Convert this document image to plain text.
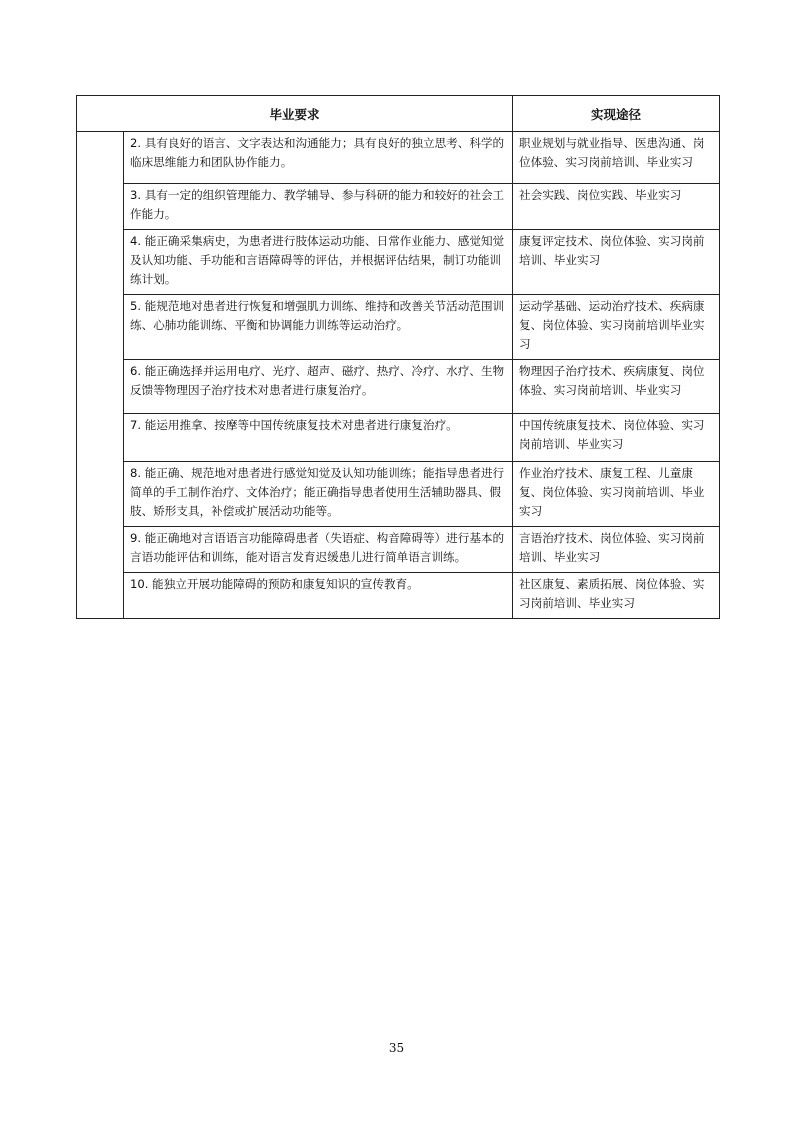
毕业要求		实现途径
	2. 具有良好的语言、文字表达和沟通能力；具有良好的独立思考、科学的临床思维能力和团队协作能力。	职业规划与就业指导、医患沟通、岗位体验、实习岗前培训、毕业实习
	3. 具有一定的组织管理能力、教学辅导、参与科研的能力和较好的社会工作能力。	社会实践、岗位实践、毕业实习
	4. 能正确采集病史，为患者进行肢体运动功能、日常作业能力、感觉知觉及认知功能、手功能和言语障碍等的评估，并根据评估结果，制订功能训练计划。	康复评定技术、岗位体验、实习岗前培训、毕业实习
	5. 能规范地对患者进行恢复和增强肌力训练、维持和改善关节活动范围训练、心肺功能训练、平衡和协调能力训练等运动治疗。	运动学基础、运动治疗技术、疾病康复、岗位体验、实习岗前培训毕业实习
	6. 能正确选择并运用电疗、光疗、超声、磁疗、热疗、冷疗、水疗、生物反馈等物理因子治疗技术对患者进行康复治疗。	物理因子治疗技术、疾病康复、岗位体验、实习岗前培训、毕业实习
	7. 能运用推拿、按摩等中国传统康复技术对患者进行康复治疗。	中国传统康复技术、岗位体验、实习岗前培训、毕业实习
	8. 能正确、规范地对患者进行感觉知觉及认知功能训练；能指导患者进行简单的手工制作治疗、文体治疗；能正确指导患者使用生活辅助器具、假肢、矫形支具，补偿或扩展活动功能等。	作业治疗技术、康复工程、儿童康复、岗位体验、实习岗前培训、毕业实习
	9. 能正确地对言语语言功能障碍患者（失语症、构音障碍等）进行基本的言语功能评估和训练，能对语言发育迟缓患儿进行简单语言训练。	言语治疗技术、岗位体验、实习岗前培训、毕业实习
	10. 能独立开展功能障碍的预防和康复知识的宣传教育。	社区康复、素质拓展、岗位体验、实习岗前培训、毕业实习
35
